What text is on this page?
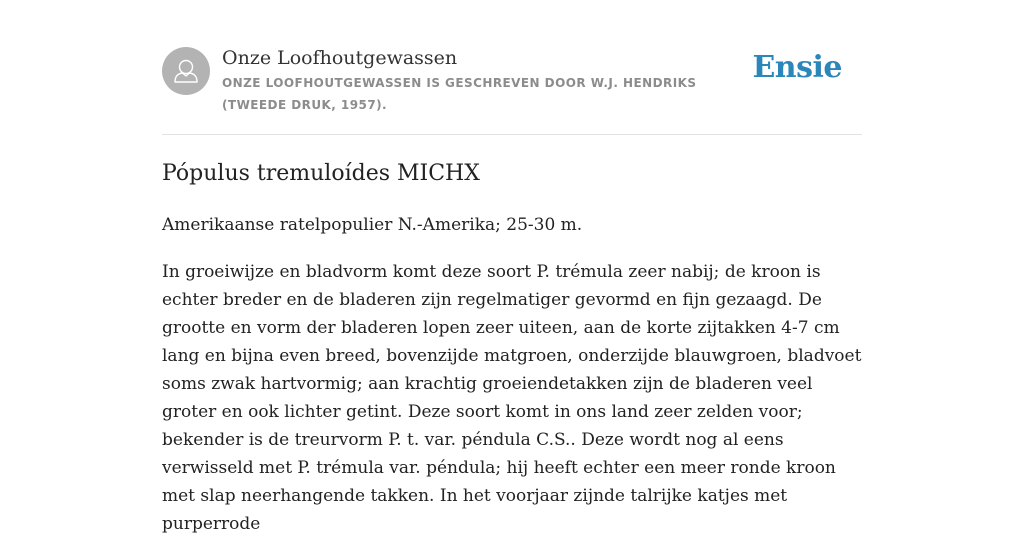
Onze Loofhoutgewassen
ONZE LOOFHOUTGEWASSEN IS GESCHREVEN DOOR W.J. HENDRIKS (TWEEDE DRUK, 1957).
Ensie
Pópulus tremuloídes MICHX

Amerikaanse ratelpopulier N.-Amerika; 25-30 m.

In groeiwijze en bladvorm komt deze soort P. trémula zeer nabij; de kroon is echter breder en de bladeren zijn regelmatiger gevormd en fijn gezaagd. De grootte en vorm der bladeren lopen zeer uiteen, aan de korte zijtakken 4-7 cm lang en bijna even breed, bovenzijde matgroen, onderzijde blauwgroen, bladvoet soms zwak hartvormig; aan krachtig groeiendetakken zijn de bladeren veel groter en ook lichter getint. Deze soort komt in ons land zeer zelden voor; bekender is de treurvorm P. t. var. péndula C.S.. Deze wordt nog al eens verwisseld met P. trémula var. péndula; hij heeft echter een meer ronde kroon met slap neerhangende takken. In het voorjaar zijnde talrijke katjes met purperrode
